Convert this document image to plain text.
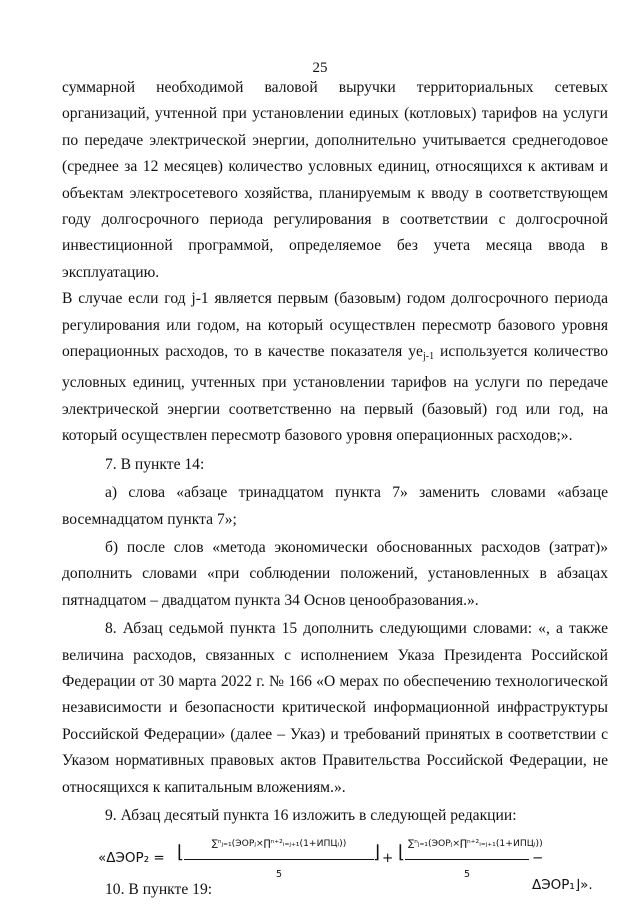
25

суммарной необходимой валовой выручки территориальных сетевых организаций, учтенной при установлении единых (котловых) тарифов на услуги по передаче электрической энергии, дополнительно учитывается среднегодовое (среднее за 12 месяцев) количество условных единиц, относящихся к активам и объектам электросетевого хозяйства, планируемым к вводу в соответствующем году долгосрочного периода регулирования в соответствии с долгосрочной инвестиционной программой, определяемое без учета месяца ввода в эксплуатацию.

В случае если год j-1 является первым (базовым) годом долгосрочного периода регулирования или годом, на который осуществлен пересмотр базового уровня операционных расходов, то в качестве показателя $ye_{j-1}$ используется количество условных единиц, учтенных при установлении тарифов на услуги по передаче электрической энергии соответственно на первый (базовый) год или год, на который осуществлен пересмотр базового уровня операционных расходов;».

7. В пункте 14:

а) слова «абзаце тринадцатом пункта 7» заменить словами «абзаце восемнадцатом пункта 7»;

б) после слов «метода экономически обоснованных расходов (затрат)» дополнить словами «при соблюдении положений, установленных в абзацах пятнадцатом – двадцатом пункта 34 Основ ценообразования.».

8. Абзац седьмой пункта 15 дополнить следующими словами: «, а также величина расходов, связанных с исполнением Указа Президента Российской Федерации от 30 марта 2022 г. № 166 «О мерах по обеспечению технологической независимости и безопасности критической информационной инфраструктуры Российской Федерации» (далее – Указ) и требований принятых в соответствии с Указом нормативных правовых актов Правительства Российской Федерации, не относящихся к капитальным вложениям.».

9. Абзац десятый пункта 16 изложить в следующей редакции:

«ΔЭОР₂ = ⌊	∑ⁿⱼ₌₁(ЭОРⱼ×∏ⁿ⁺²ᵢ₌ⱼ₊₁(1+ИПЦᵢ))
5
⌋ + ⌊ ∑ⁿⱼ₌₁(ЭОРⱼ×∏ⁿ⁺²ᵢ₌ⱼ₊₁(1+ИПЦᵢ))
5
− ΔЭОР₁⌋».

10. В пункте 19:
